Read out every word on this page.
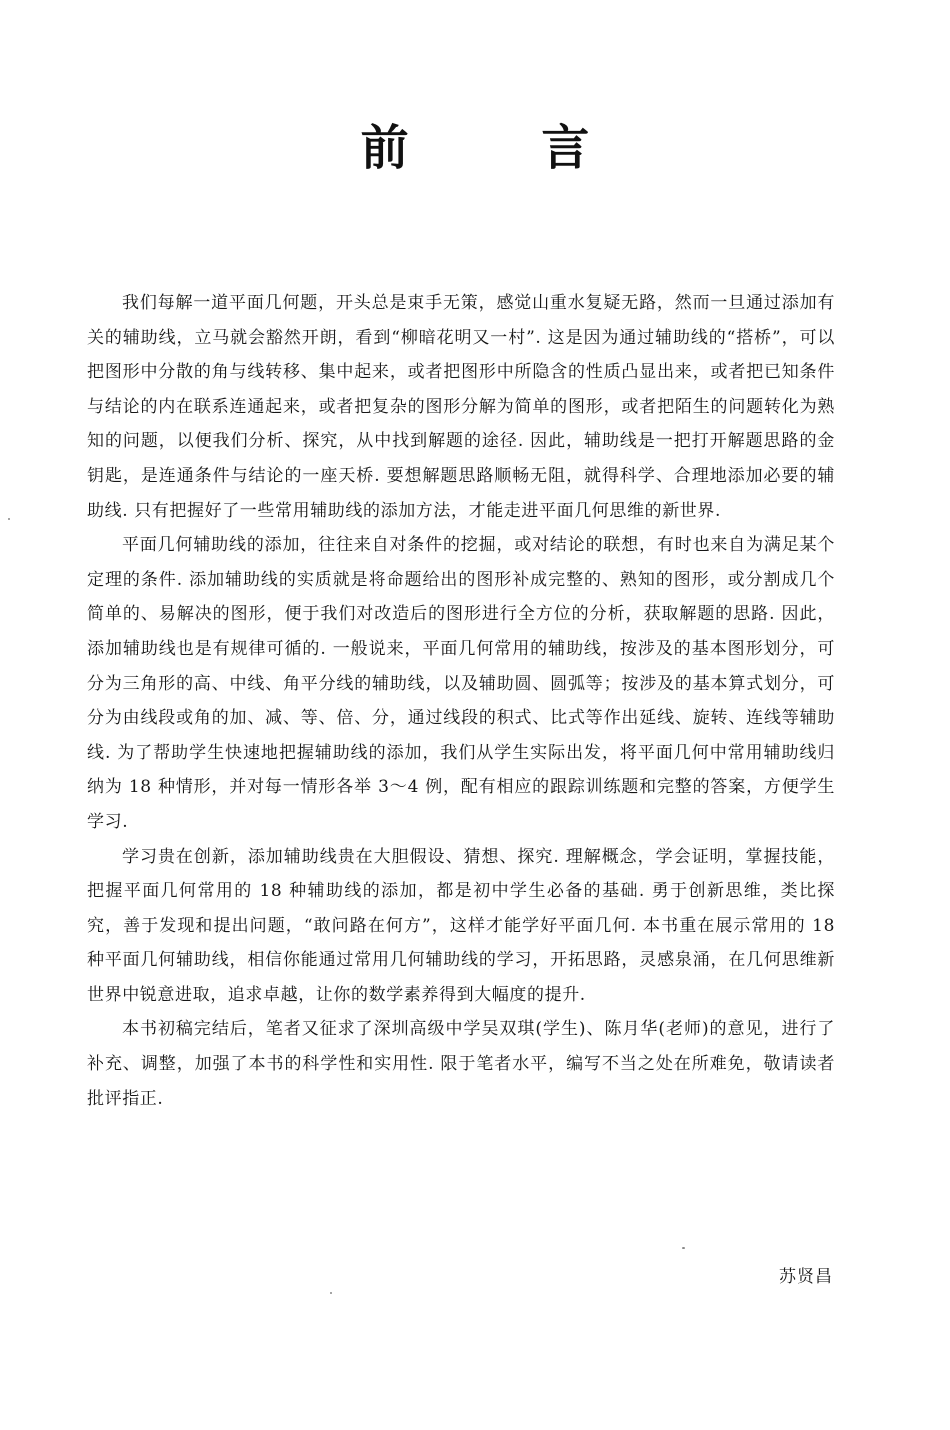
前 言

我们每解一道平面几何题，开头总是束手无策，感觉山重水复疑无路，然而一旦通过添加有关的辅助线，立马就会豁然开朗，看到“柳暗花明又一村”. 这是因为通过辅助线的“搭桥”，可以把图形中分散的角与线转移、集中起来，或者把图形中所隐含的性质凸显出来，或者把已知条件与结论的内在联系连通起来，或者把复杂的图形分解为简单的图形，或者把陌生的问题转化为熟知的问题，以便我们分析、探究，从中找到解题的途径. 因此，辅助线是一把打开解题思路的金钥匙，是连通条件与结论的一座天桥. 要想解题思路顺畅无阻，就得科学、合理地添加必要的辅助线. 只有把握好了一些常用辅助线的添加方法，才能走进平面几何思维的新世界.

平面几何辅助线的添加，往往来自对条件的挖掘，或对结论的联想，有时也来自为满足某个定理的条件. 添加辅助线的实质就是将命题给出的图形补成完整的、熟知的图形，或分割成几个简单的、易解决的图形，便于我们对改造后的图形进行全方位的分析，获取解题的思路. 因此，添加辅助线也是有规律可循的. 一般说来，平面几何常用的辅助线，按涉及的基本图形划分，可分为三角形的高、中线、角平分线的辅助线，以及辅助圆、圆弧等；按涉及的基本算式划分，可分为由线段或角的加、减、等、倍、分，通过线段的积式、比式等作出延线、旋转、连线等辅助线. 为了帮助学生快速地把握辅助线的添加，我们从学生实际出发，将平面几何中常用辅助线归纳为 18 种情形，并对每一情形各举 3～4 例，配有相应的跟踪训练题和完整的答案，方便学生学习.

学习贵在创新，添加辅助线贵在大胆假设、猜想、探究. 理解概念，学会证明，掌握技能，把握平面几何常用的 18 种辅助线的添加，都是初中学生必备的基础. 勇于创新思维，类比探究，善于发现和提出问题，“敢问路在何方”，这样才能学好平面几何. 本书重在展示常用的 18 种平面几何辅助线，相信你能通过常用几何辅助线的学习，开拓思路，灵感泉涌，在几何思维新世界中锐意进取，追求卓越，让你的数学素养得到大幅度的提升.

本书初稿完结后，笔者又征求了深圳高级中学吴双琪(学生)、陈月华(老师)的意见，进行了补充、调整，加强了本书的科学性和实用性. 限于笔者水平，编写不当之处在所难免，敬请读者批评指正.

苏贤昌
